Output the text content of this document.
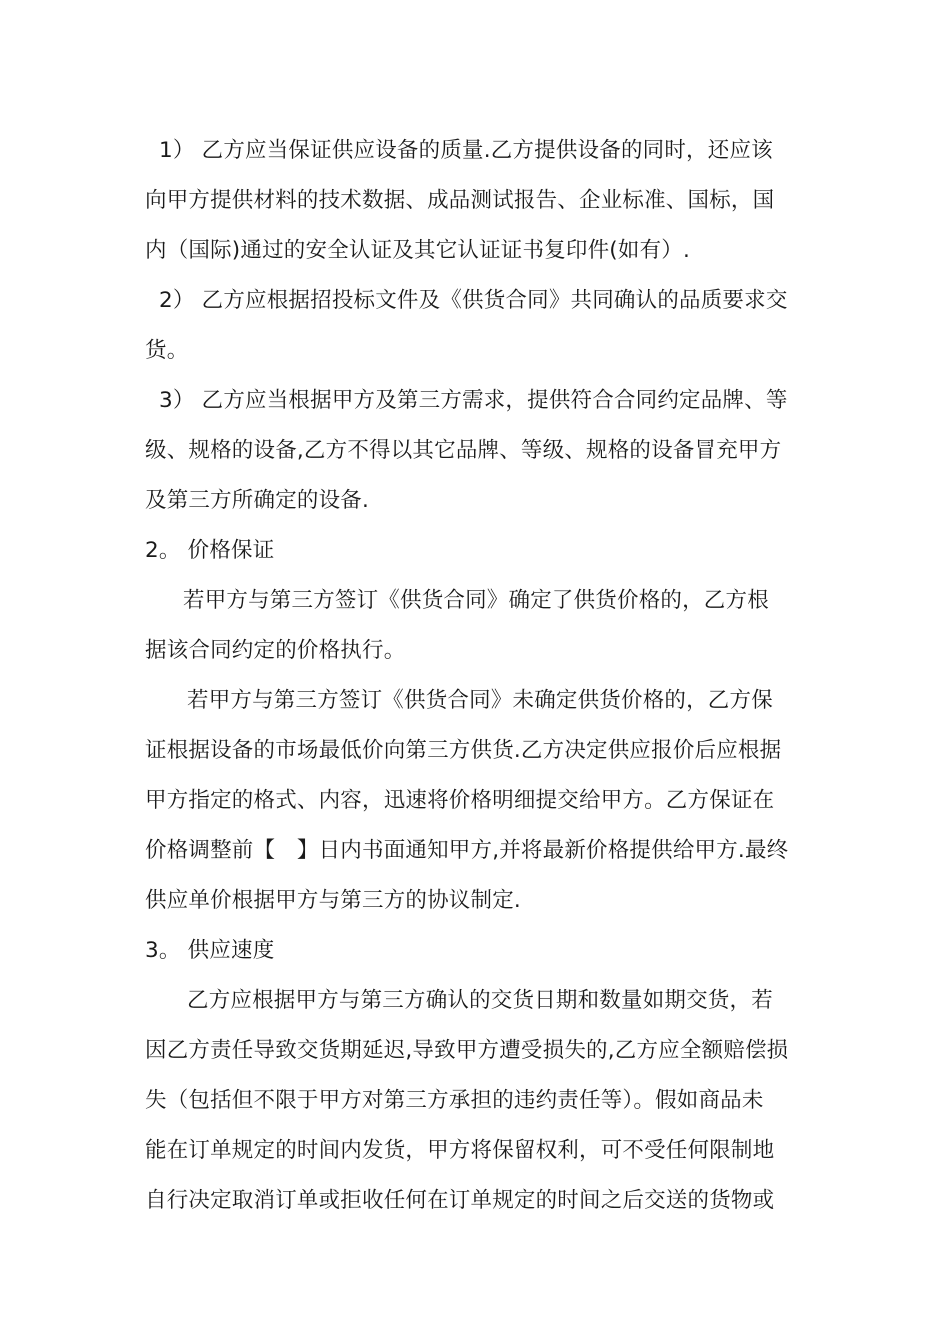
1） 乙方应当保证供应设备的质量.乙方提供设备的同时，还应该
向甲方提供材料的技术数据、成品测试报告、企业标准、国标，国
内（国际)通过的安全认证及其它认证证书复印件(如有）.
2） 乙方应根据招投标文件及《供货合同》共同确认的品质要求交
货。
3） 乙方应当根据甲方及第三方需求，提供符合合同约定品牌、等
级、规格的设备,乙方不得以其它品牌、等级、规格的设备冒充甲方
及第三方所确定的设备.
2。 价格保证
若甲方与第三方签订《供货合同》确定了供货价格的，乙方根
据该合同约定的价格执行。
若甲方与第三方签订《供货合同》未确定供货价格的，乙方保
证根据设备的市场最低价向第三方供货.乙方决定供应报价后应根据
甲方指定的格式、内容，迅速将价格明细提交给甲方。乙方保证在
价格调整前【　】日内书面通知甲方,并将最新价格提供给甲方.最终
供应单价根据甲方与第三方的协议制定.
3。 供应速度
乙方应根据甲方与第三方确认的交货日期和数量如期交货，若
因乙方责任导致交货期延迟,导致甲方遭受损失的,乙方应全额赔偿损
失（包括但不限于甲方对第三方承担的违约责任等）。假如商品未
能在订单规定的时间内发货，甲方将保留权利，可不受任何限制地
自行决定取消订单或拒收任何在订单规定的时间之后交送的货物或
